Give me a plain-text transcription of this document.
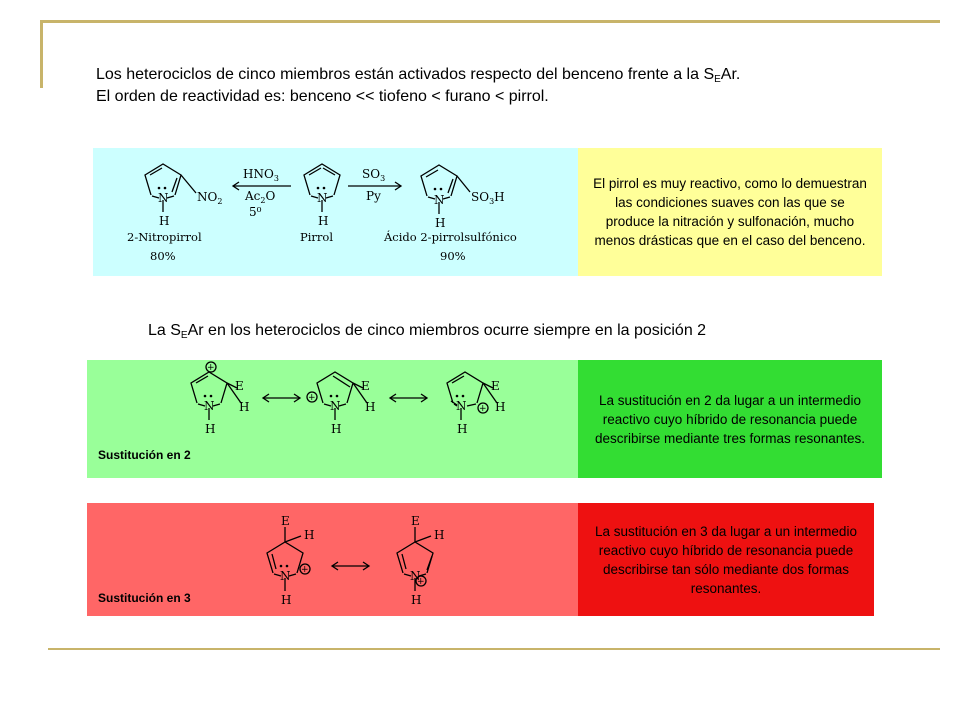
Los heterociclos de cinco miembros están activados respecto del benceno frente a la $S_EAr$.

El orden de reactividad es: benceno << tiofeno < furano < pirrol.

N
H
$NO_2$
$HNO_3$
$Ac_2O$
5⁰
N
H
$SO_3$
Py	N
H
$SO_3H$
2-Nitropirrol
80%
Pirrol	Ácido 2-pirrolsulfónico
90%
El pirrol es muy reactivo, como lo demuestran las condiciones suaves con las que se produce la nitración y sulfonación, mucho menos drásticas que en el caso del benceno.
La $S_EAr$ en los heterociclos de cinco miembros ocurre siempre en la posición 2
+
E
H
N
H
+
E
H
N
H
E
H
+
N
H
Sustitución en 2
La sustitución en 2 da lugar a un intermedio reactivo cuyo híbrido de resonancia puede describirse mediante tres formas resonantes.
E
H
+
N
H
E
H
+
N
H
Sustitución en 3
La sustitución en 3 da lugar a un intermedio reactivo cuyo híbrido de resonancia puede describirse tan sólo mediante dos formas resonantes.
